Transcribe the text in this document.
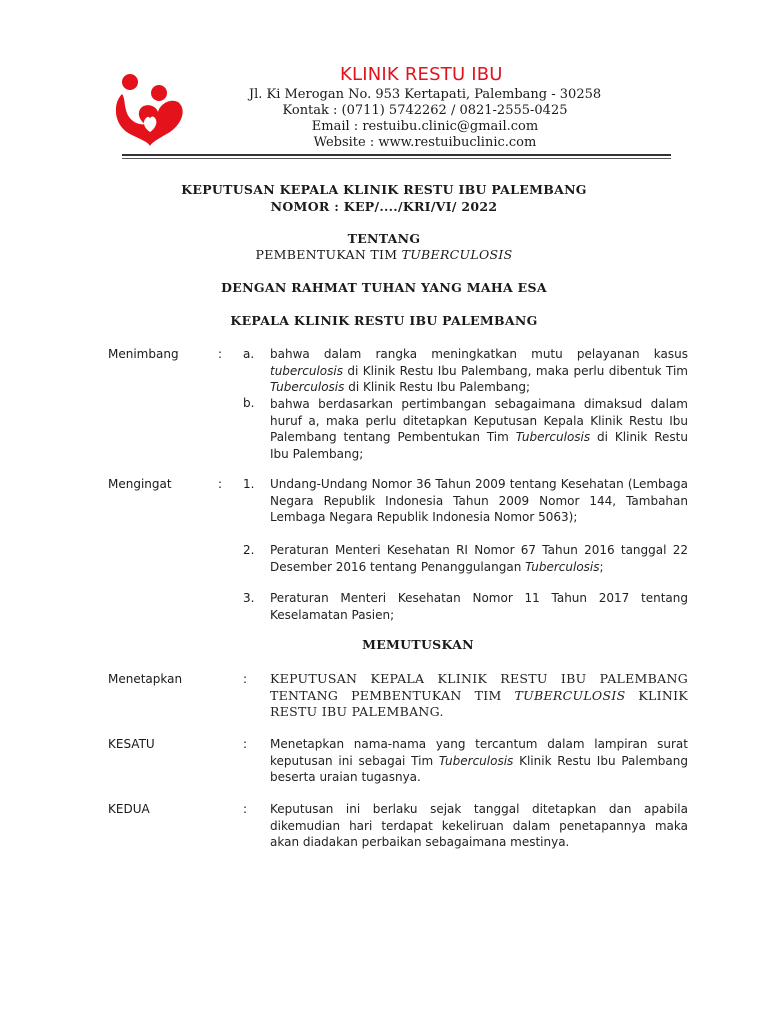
KLINIK RESTU IBU
Jl. Ki Merogan No. 953 Kertapati, Palembang - 30258
Kontak : (0711) 5742262 / 0821-2555-0425
Email : restuibu.clinic@gmail.com
Website : www.restuibuclinic.com
KEPUTUSAN KEPALA KLINIK RESTU IBU PALEMBANG
NOMOR : KEP/..../KRI/VI/ 2022
TENTANG
PEMBENTUKAN TIM TUBERCULOSIS
DENGAN RAHMAT TUHAN YANG MAHA ESA
KEPALA KLINIK RESTU IBU PALEMBANG
Menimbang	: a. bahwa dalam rangka meningkatkan mutu pelayanan kasus tuberculosis di Klinik Restu Ibu Palembang, maka perlu dibentuk Tim Tuberculosis di Klinik Restu Ibu Palembang;
b. bahwa berdasarkan pertimbangan sebagaimana dimaksud dalam huruf a, maka perlu ditetapkan Keputusan Kepala Klinik Restu Ibu Palembang tentang Pembentukan Tim Tuberculosis di Klinik Restu Ibu Palembang;
Mengingat	: 1. Undang-Undang Nomor 36 Tahun 2009 tentang Kesehatan (Lembaga Negara Republik Indonesia Tahun 2009 Nomor 144, Tambahan Lembaga Negara Republik Indonesia Nomor 5063);
2. Peraturan Menteri Kesehatan RI Nomor 67 Tahun 2016 tanggal 22 Desember 2016 tentang Penanggulangan Tuberculosis;
3. Peraturan Menteri Kesehatan Nomor 11 Tahun 2017 tentang Keselamatan Pasien;
MEMUTUSKAN
Menetapkan	: KEPUTUSAN KEPALA KLINIK RESTU IBU PALEMBANG TENTANG PEMBENTUKAN TIM TUBERCULOSIS KLINIK RESTU IBU PALEMBANG.
KESATU	: Menetapkan nama-nama yang tercantum dalam lampiran surat keputusan ini sebagai Tim Tuberculosis Klinik Restu Ibu Palembang beserta uraian tugasnya.
KEDUA	: Keputusan ini berlaku sejak tanggal ditetapkan dan apabila dikemudian hari terdapat kekeliruan dalam penetapannya maka akan diadakan perbaikan sebagaimana mestinya.
